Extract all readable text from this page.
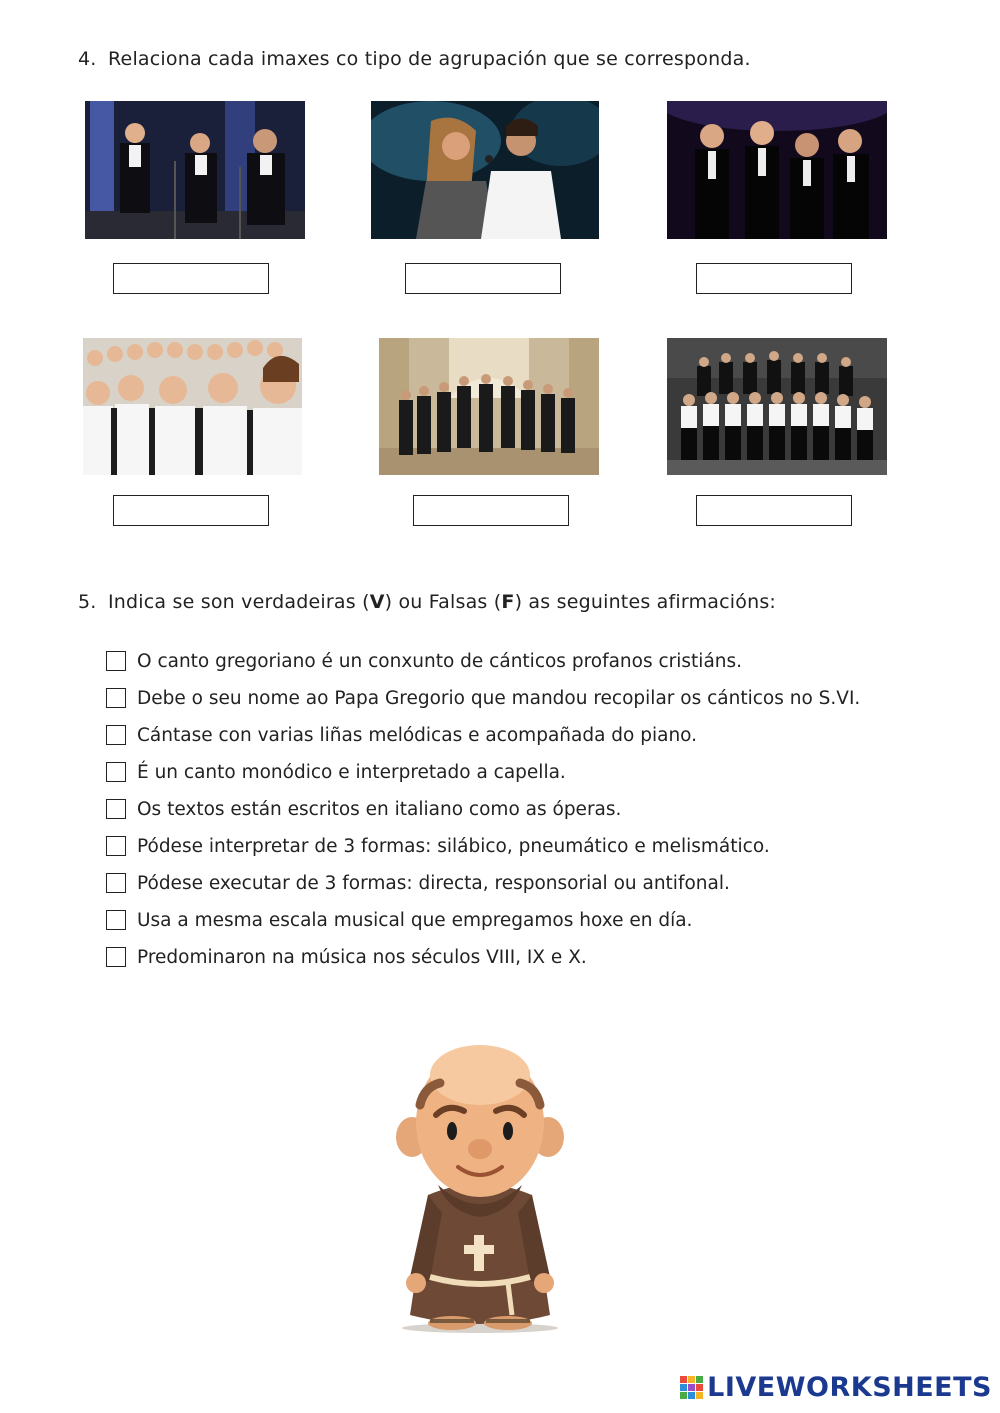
4. Relaciona cada imaxes co tipo de agrupación que se corresponda.
5. Indica se son verdadeiras (V) ou Falsas (F) as seguintes afirmacións:
O canto gregoriano é un conxunto de cánticos profanos cristiáns.
Debe o seu nome ao Papa Gregorio que mandou recopilar os cánticos no S.VI.
Cántase con varias liñas melódicas e acompañada do piano.
É un canto monódico e interpretado a capella.
Os textos están escritos en italiano como as óperas.
Pódese interpretar de 3 formas: silábico, pneumático e melismático.
Pódese executar de 3 formas: directa, responsorial ou antifonal.
Usa a mesma escala musical que empregamos hoxe en día.
Predominaron na música nos séculos VIII, IX e X.
LIVEWORKSHEETS
